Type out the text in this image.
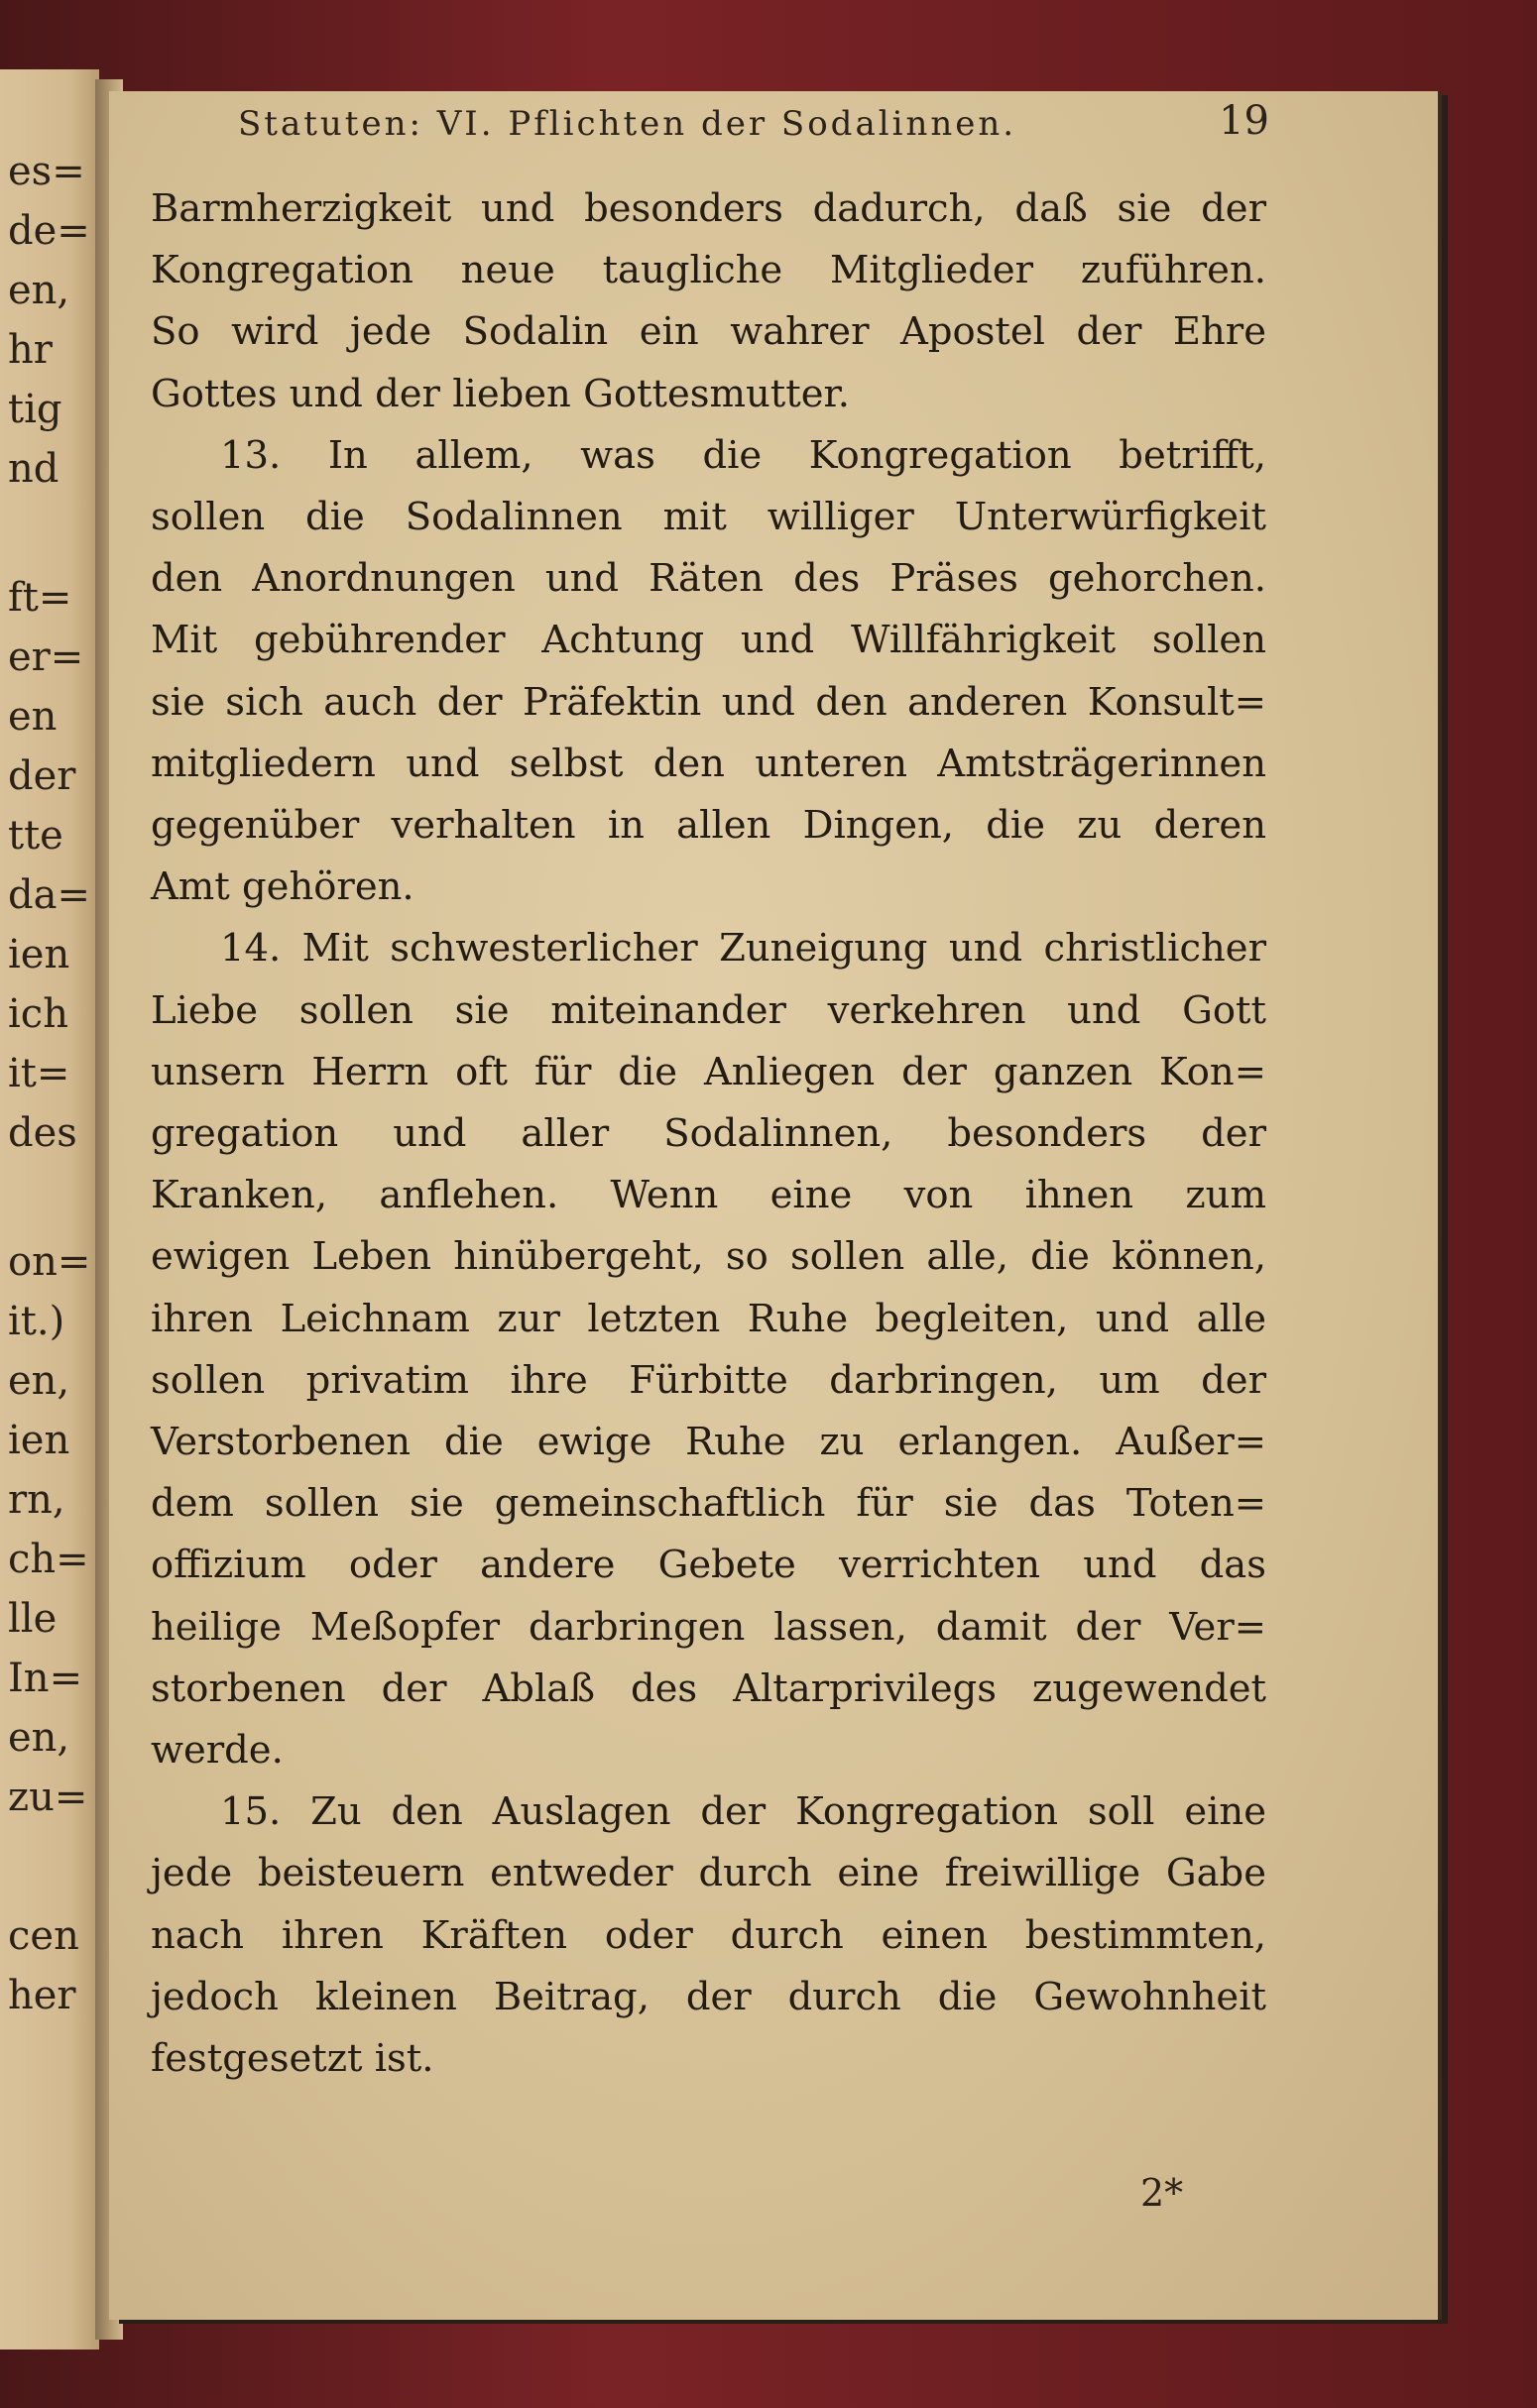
es=
de=
en,
hr
tig
nd
ft=
er=
en
der
tte
da=
ien
ich
it=
des
on=
it.)
en,
ien
rn,
ch=
lle
In=
en,
zu=
cen
her
Statuten: VI. Pflichten der Sodalinnen.	19
Barmherzigkeit und besonders dadurch, daß sie der
Kongregation neue taugliche Mitglieder zuführen.
So wird jede Sodalin ein wahrer Apostel der Ehre
Gottes und der lieben Gottesmutter.
13. In allem, was die Kongregation betrifft,
sollen die Sodalinnen mit williger Unterwürfigkeit
den Anordnungen und Räten des Präses gehorchen.
Mit gebührender Achtung und Willfährigkeit sollen
sie sich auch der Präfektin und den anderen Konsult=
mitgliedern und selbst den unteren Amtsträgerinnen
gegenüber verhalten in allen Dingen, die zu deren
Amt gehören.
14. Mit schwesterlicher Zuneigung und christlicher
Liebe sollen sie miteinander verkehren und Gott
unsern Herrn oft für die Anliegen der ganzen Kon=
gregation und aller Sodalinnen, besonders der
Kranken, anflehen. Wenn eine von ihnen zum
ewigen Leben hinübergeht, so sollen alle, die können,
ihren Leichnam zur letzten Ruhe begleiten, und alle
sollen privatim ihre Fürbitte darbringen, um der
Verstorbenen die ewige Ruhe zu erlangen. Außer=
dem sollen sie gemeinschaftlich für sie das Toten=
offizium oder andere Gebete verrichten und das
heilige Meßopfer darbringen lassen, damit der Ver=
storbenen der Ablaß des Altarprivilegs zugewendet
werde.
15. Zu den Auslagen der Kongregation soll eine
jede beisteuern entweder durch eine freiwillige Gabe
nach ihren Kräften oder durch einen bestimmten,
jedoch kleinen Beitrag, der durch die Gewohnheit
festgesetzt ist.
2*
